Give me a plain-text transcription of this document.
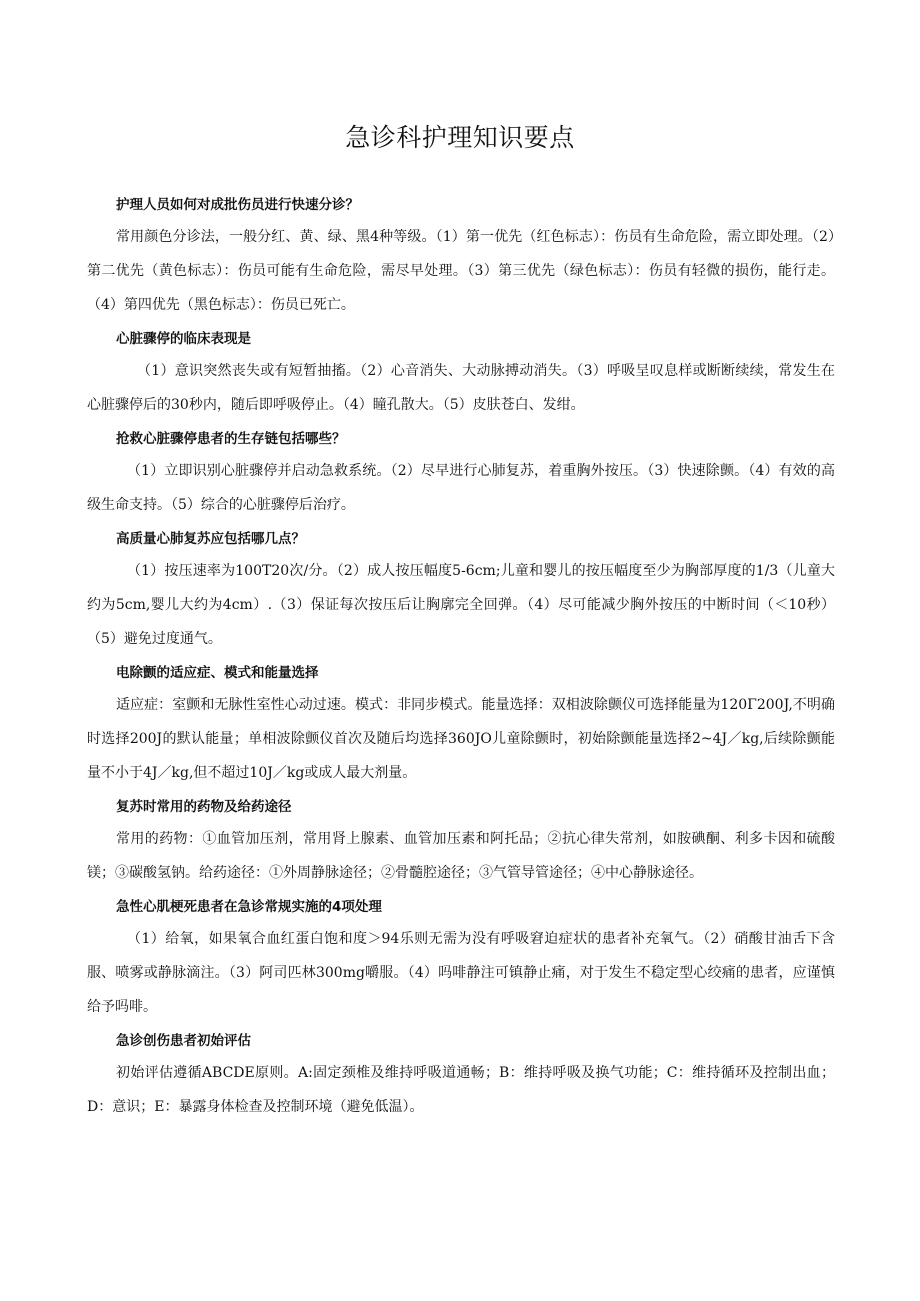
急诊科护理知识要点
护理人员如何对成批伤员进行快速分诊？

常用颜色分诊法，一般分红、黄、绿、黑4种等级。（1）第一优先（红色标志）：伤员有生命危险，需立即处理。（2）第二优先（黄色标志）：伤员可能有生命危险，需尽早处理。（3）第三优先（绿色标志）：伤员有轻微的损伤，能行走。（4）第四优先（黑色标志）：伤员已死亡。

心脏骤停的临床表现是

（1）意识突然丧失或有短暂抽搐。（2）心音消失、大动脉搏动消失。（3）呼吸呈叹息样或断断续续，常发生在心脏骤停后的30秒内，随后即呼吸停止。（4）瞳孔散大。（5）皮肤苍白、发绀。

抢救心脏骤停患者的生存链包括哪些？

（1）立即识别心脏骤停并启动急救系统。（2）尽早进行心肺复苏，着重胸外按压。（3）快速除颤。（4）有效的高级生命支持。（5）综合的心脏骤停后治疗。

高质量心肺复苏应包括哪几点？

（1）按压速率为100T20次/分。（2）成人按压幅度5-6cm;儿童和婴儿的按压幅度至少为胸部厚度的1/3（儿童大约为5cm,婴儿大约为4cm）.（3）保证每次按压后让胸廓完全回弹。（4）尽可能减少胸外按压的中断时间（＜10秒）（5）避免过度通气。

电除颤的适应症、模式和能量选择

适应症：室颤和无脉性室性心动过速。模式：非同步模式。能量选择：双相波除颤仪可选择能量为120Γ200J,不明确时选择200J的默认能量；单相波除颤仪首次及随后均选择360JO儿童除颤时，初始除颤能量选择2~4J／kg,后续除颤能量不小于4J／kg,但不超过10J／kg或成人最大剂量。

复苏时常用的药物及给药途径

常用的药物：①血管加压剂，常用肾上腺素、血管加压素和阿托品；②抗心律失常剂，如胺碘酮、利多卡因和硫酸镁；③碳酸氢钠。给药途径：①外周静脉途径；②骨髓腔途径；③气管导管途径；④中心静脉途径。

急性心肌梗死患者在急诊常规实施的4项处理

（1）给氧，如果氧合血红蛋白饱和度＞94乐则无需为没有呼吸窘迫症状的患者补充氧气。（2）硝酸甘油舌下含服、喷雾或静脉滴注。（3）阿司匹林300mg嚼服。（4）吗啡静注可镇静止痛，对于发生不稳定型心绞痛的患者，应谨慎给予吗啡。

急诊创伤患者初始评估

初始评估遵循ABCDE原则。A:固定颈椎及维持呼吸道通畅；B：维持呼吸及换气功能；C：维持循环及控制出血；D：意识；E：暴露身体检查及控制环境（避免低温）。
